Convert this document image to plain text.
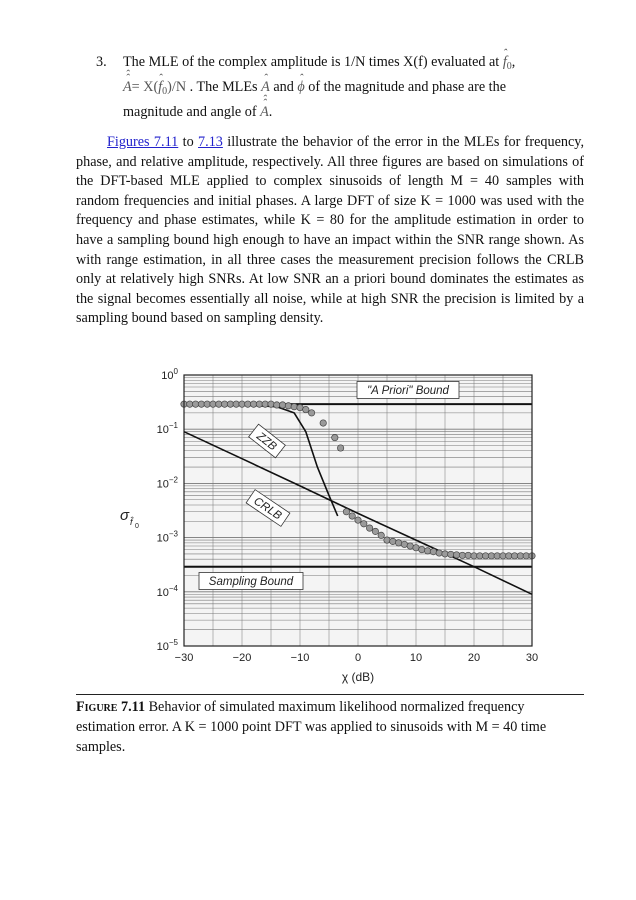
3. The MLE of the complex amplitude is 1/N times X(f) evaluated at ˆ $f_0$,
ˆ A ˆ= X(ˆ $f_0)/N$ . The MLEs ˆ A and ˆ ϕ of the magnitude and phase are the
magnitude and angle of ˆ A ˆ.
Figures 7.11 to 7.13 illustrate the behavior of the error in the MLEs for frequency, phase, and relative amplitude, respectively. All three figures are based on simulations of the DFT-based MLE applied to complex sinusoids of length M = 40 samples with random frequencies and initial phases. A large DFT of size K = 1000 was used with the frequency and phase estimates, while K = 80 for the amplitude estimation in order to have a sampling bound high enough to have an impact within the SNR range shown. As with range estimation, in all three cases the measurement precision follows the CRLB only at relatively high SNRs. At low SNR an a priori bound dominates the estimates as the signal becomes essentially all noise, while at high SNR the precision is limited by a sampling bound based on sampling density.
−30	−20	−10	0	10	20	30
$10^0$
$10^{-1}$
$10^{-2}$
$10^{-3}$
$10^{-4}$
$10^{-5}$
χ (dB)
σ f̂ 0
"A Priori" Bound
ZZB
CRLB
Sampling Bound
Figure 7.11 Behavior of simulated maximum likelihood normalized frequency estimation error. A K = 1000 point DFT was applied to sinusoids with M = 40 time samples.
